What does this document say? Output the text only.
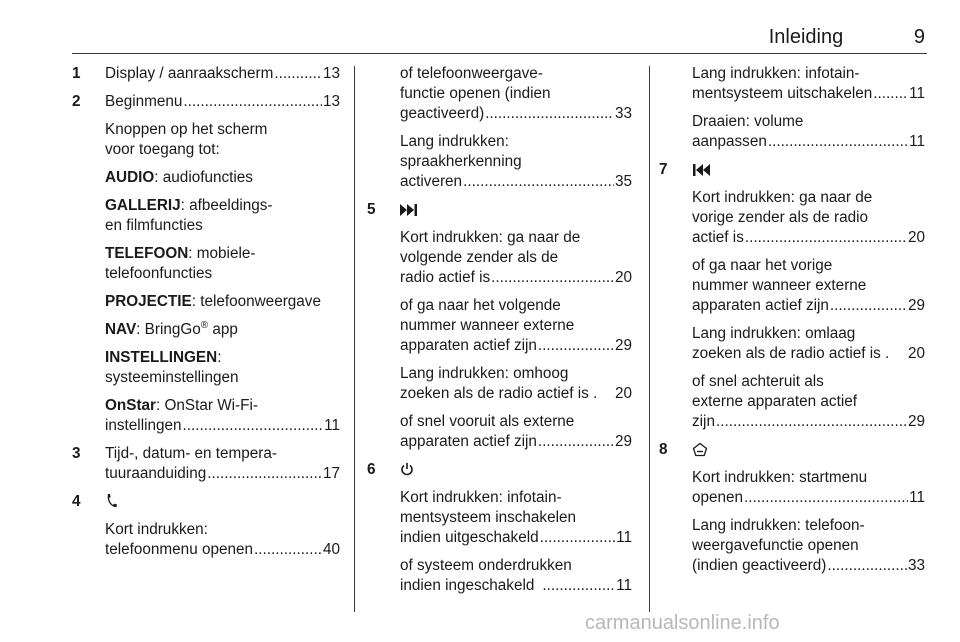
Inleiding	9
1 Display / aanraakscherm .....	13
2 Beginmenu .....	13
Knoppen op het scherm
voor toegang tot:
AUDIO: audiofuncties
GALLERIJ: afbeeldings-
en filmfuncties
TELEFOON: mobiele-
telefoonfuncties
PROJECTIE: telefoonweergave
NAV: BringGo® app
INSTELLINGEN:
systeeminstellingen
OnStar: OnStar Wi-Fi-
instellingen .....	11
3 Tijd-, datum- en tempera-
tuuraanduiding .....	17
4
Kort indrukken:
telefoonmenu openen .....	40
of telefoonweergave-
functie openen (indien
geactiveerd) .....	33
Lang indrukken:
spraakherkenning
activeren .....	35
5
Kort indrukken: ga naar de
volgende zender als de
radio actief is .....	20
of ga naar het volgende
nummer wanneer externe
apparaten actief zijn .....	29
Lang indrukken: omhoog
zoeken als de radio actief is . 20
of snel vooruit als externe
apparaten actief zijn .....	29
6
Kort indrukken: infotain-
mentsysteem inschakelen
indien uitgeschakeld .....	11
of systeem onderdrukken
indien ingeschakeld .....	11
Lang indrukken: infotain-
mentsysteem uitschakelen ..... 11
Draaien: volume
aanpassen .....	11
7
Kort indrukken: ga naar de
vorige zender als de radio
actief is .....	20
of ga naar het vorige
nummer wanneer externe
apparaten actief zijn .....	29
Lang indrukken: omlaag
zoeken als de radio actief is . 20
of snel achteruit als
externe apparaten actief
zijn .....	29
8
Kort indrukken: startmenu
openen .....	11
Lang indrukken: telefoon-
weergavefunctie openen
(indien geactiveerd) .....	33
carmanualsonline.info
